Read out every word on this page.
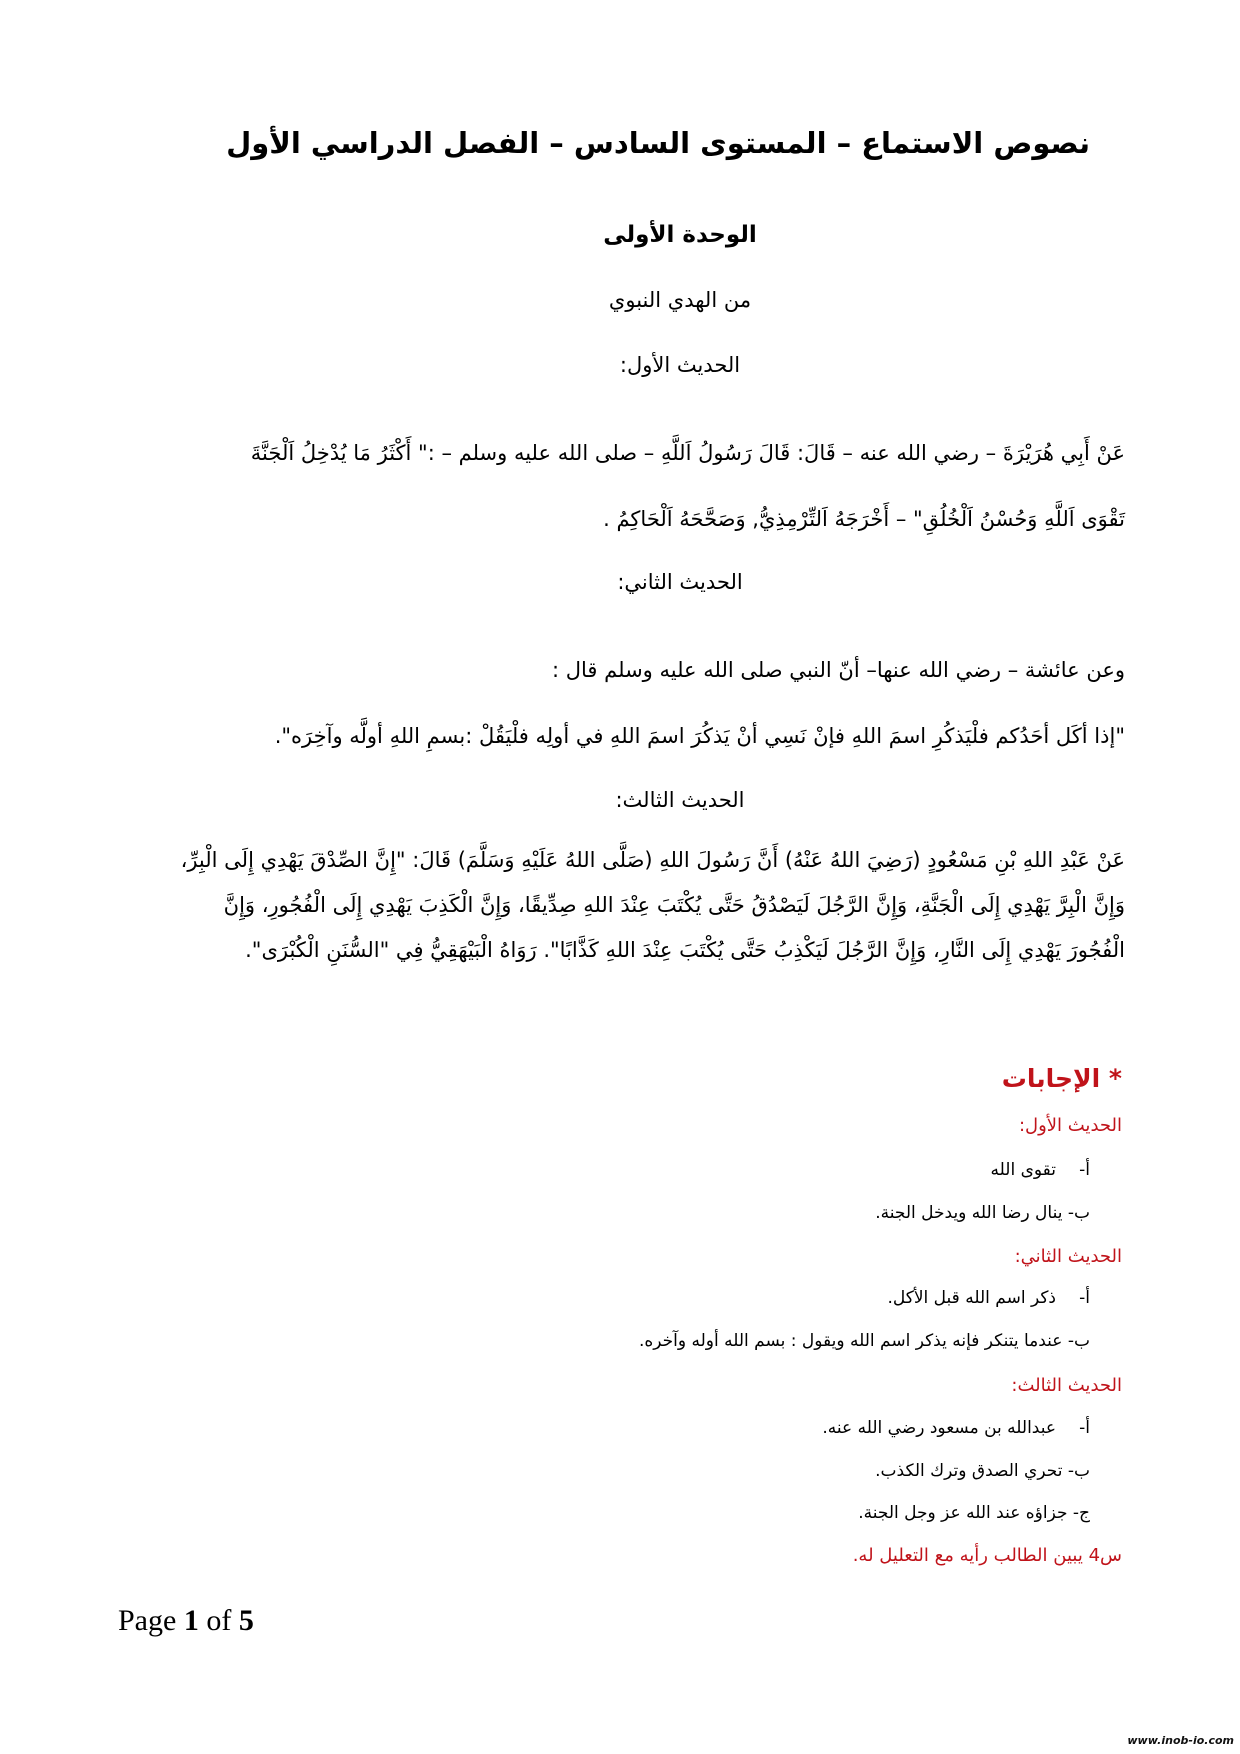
نصوص الاستماع – المستوى السادس – الفصل الدراسي الأول
الوحدة الأولى
من الهدي النبوي
الحديث الأول:
عَنْ أَبِي هُرَيْرَةَ – رضي الله عنه – قَالَ: قَالَ رَسُولُ اَللَّهِ – صلى الله عليه وسلم – :" أَكْثَرُ مَا يُدْخِلُ اَلْجَنَّةَ
تَقْوَى اَللَّهِ وَحُسْنُ اَلْخُلُقِ" – أَخْرَجَهُ اَلتِّرْمِذِيُّ, وَصَحَّحَهُ اَلْحَاكِمُ .
الحديث الثاني:
وعن عائشة – رضي الله عنها– أنّ النبي صلى الله عليه وسلم قال :
"إذا أكَل أحَدُكم فلْيَذكُرِ اسمَ اللهِ فإنْ نَسِي أنْ يَذكُرَ اسمَ اللهِ في أولِه فلْيَقُلْ :بسمِ اللهِ أولَّه وآخِرَه".
الحديث الثالث:
عَنْ عَبْدِ اللهِ بْنِ مَسْعُودٍ (رَضِيَ اللهُ عَنْهُ) أَنَّ رَسُولَ اللهِ (صَلَّى اللهُ عَلَيْهِ وَسَلَّمَ) قَالَ: "إِنَّ الصِّدْقَ يَهْدِي إِلَى الْبِرِّ،
وَإِنَّ الْبِرَّ يَهْدِي إِلَى الْجَنَّةِ، وَإِنَّ الرَّجُلَ لَيَصْدُقُ حَتَّى يُكْتَبَ عِنْدَ اللهِ صِدِّيقًا، وَإِنَّ الْكَذِبَ يَهْدِي إِلَى الْفُجُورِ، وَإِنَّ
الْفُجُورَ يَهْدِي إِلَى النَّارِ، وَإِنَّ الرَّجُلَ لَيَكْذِبُ حَتَّى يُكْتَبَ عِنْدَ اللهِ كَذَّابًا". رَوَاهُ الْبَيْهَقِيُّ فِي "السُّنَنِ الْكُبْرَى".
* الإجابات
الحديث الأول:
أ-تقوى الله
ب- ينال رضا الله ويدخل الجنة.
الحديث الثاني:
أ-ذكر اسم الله قبل الأكل.
ب- عندما يتنكر فإنه يذكر اسم الله ويقول : بسم الله أوله وآخره.
الحديث الثالث:
أ-عبدالله بن مسعود رضي الله عنه.
ب- تحري الصدق وترك الكذب.
ج- جزاؤه عند الله عز وجل الجنة.
س4 يبين الطالب رأيه مع التعليل له.
Page 1 of 5
www.inob-io.com
